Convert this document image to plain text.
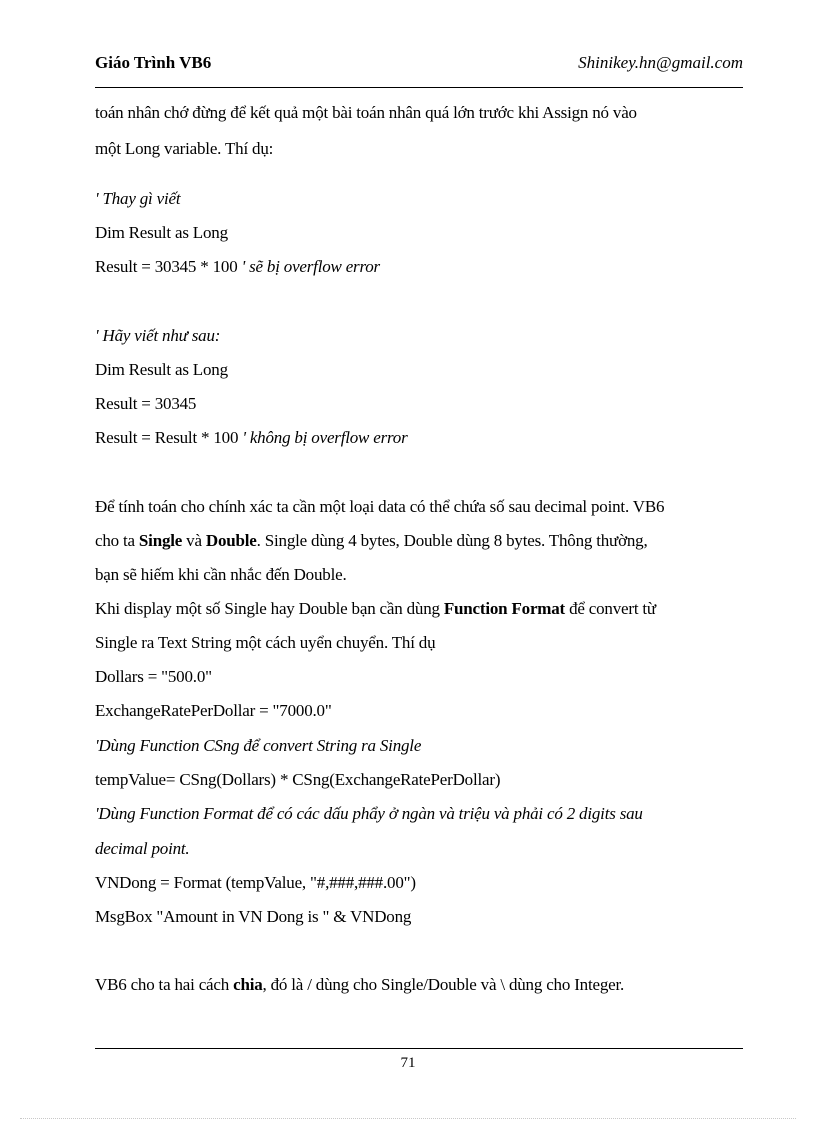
Giáo Trình VB6	Shinikey.hn@gmail.com
toán nhân chớ đừng để kết quả một bài toán nhân quá lớn trước khi Assign nó vào
một Long variable. Thí dụ:
' Thay gì viết
Dim Result as Long
Result = 30345 * 100 ' sẽ bị overflow error
' Hãy viết như sau:
Dim Result as Long
Result = 30345
Result = Result * 100 ' không bị overflow error
Để tính toán cho chính xác ta cần một loại data có thể chứa số sau decimal point. VB6
cho ta Single và Double. Single dùng 4 bytes, Double dùng 8 bytes. Thông thường,
bạn sẽ hiếm khi cần nhắc đến Double.
Khi display một số Single hay Double bạn cần dùng Function Format để convert từ
Single ra Text String một cách uyển chuyển. Thí dụ
Dollars = "500.0"
ExchangeRatePerDollar = "7000.0"
'Dùng Function CSng để convert String ra Single
tempValue= CSng(Dollars) * CSng(ExchangeRatePerDollar)
'Dùng Function Format để có các dấu phẩy ở ngàn và triệu và phải có 2 digits sau
decimal point.
VNDong = Format (tempValue, "#,###,###.00")
MsgBox "Amount in VN Dong is " & VNDong
VB6 cho ta hai cách chia, đó là / dùng cho Single/Double và \ dùng cho Integer.
71
